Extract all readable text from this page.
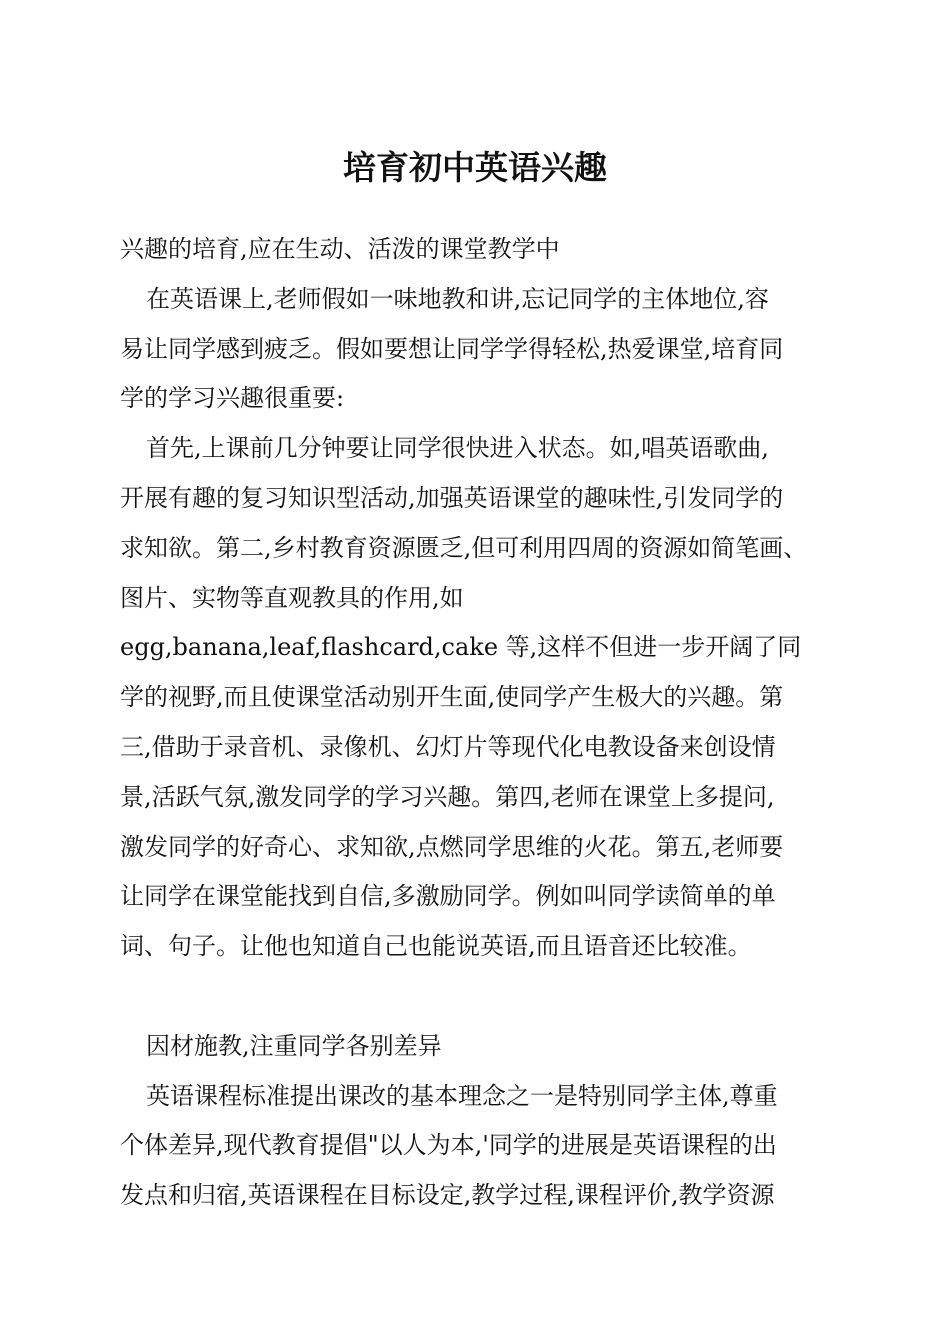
培育初中英语兴趣
兴趣的培育,应在生动、活泼的课堂教学中
在英语课上,老师假如一味地教和讲,忘记同学的主体地位,容
易让同学感到疲乏。假如要想让同学学得轻松,热爱课堂,培育同
学的学习兴趣很重要:
首先,上课前几分钟要让同学很快进入状态。如,唱英语歌曲,
开展有趣的复习知识型活动,加强英语课堂的趣味性,引发同学的
求知欲。第二,乡村教育资源匮乏,但可利用四周的资源如简笔画、
图片、实物等直观教具的作用,如
egg,banana,leaf,flashcard,cake 等,这样不但进一步开阔了同
学的视野,而且使课堂活动别开生面,使同学产生极大的兴趣。第
三,借助于录音机、录像机、幻灯片等现代化电教设备来创设情
景,活跃气氛,激发同学的学习兴趣。第四,老师在课堂上多提问,
激发同学的好奇心、求知欲,点燃同学思维的火花。第五,老师要
让同学在课堂能找到自信,多激励同学。例如叫同学读简单的单
词、句子。让他也知道自己也能说英语,而且语音还比较准。
因材施教,注重同学各别差异
英语课程标准提出课改的基本理念之一是特别同学主体,尊重
个体差异,现代教育提倡"以人为本,'同学的进展是英语课程的出
发点和归宿,英语课程在目标设定,教学过程,课程评价,教学资源
